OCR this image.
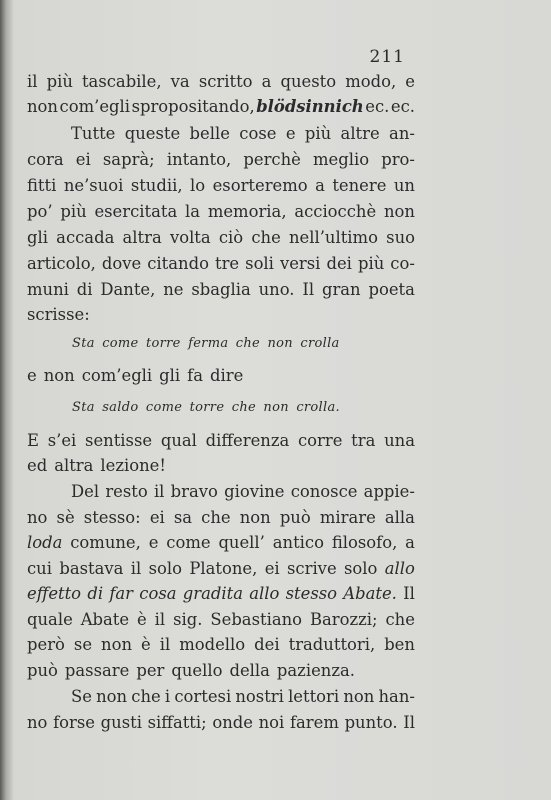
211
il più tascabile, va scritto a questo modo, e
non com’egli spropositando, blödsinnich ec. ec.
Tutte queste belle cose e più altre an-
cora ei saprà; intanto, perchè meglio pro-
fitti ne’suoi studii, lo esorteremo a tenere un
po’ più esercitata la memoria, acciocchè non
gli accada altra volta ciò che nell’ultimo suo
articolo, dove citando tre soli versi dei più co-
muni di Dante, ne sbaglia uno. Il gran poeta
scrisse:
Sta come torre ferma che non crolla
e non com’egli gli fa dire
Sta saldo come torre che non crolla.
E s’ei sentisse qual differenza corre tra una
ed altra lezione!
Del resto il bravo giovine conosce appie-
no sè stesso: ei sa che non può mirare alla
loda comune, e come quell’ antico filosofo, a
cui bastava il solo Platone, ei scrive solo allo
effetto di far cosa gradita allo stesso Abate. Il
quale Abate è il sig. Sebastiano Barozzi; che
però se non è il modello dei traduttori, ben
può passare per quello della pazienza.
Se non che i cortesi nostri lettori non han-
no forse gusti siffatti; onde noi farem punto. Il
